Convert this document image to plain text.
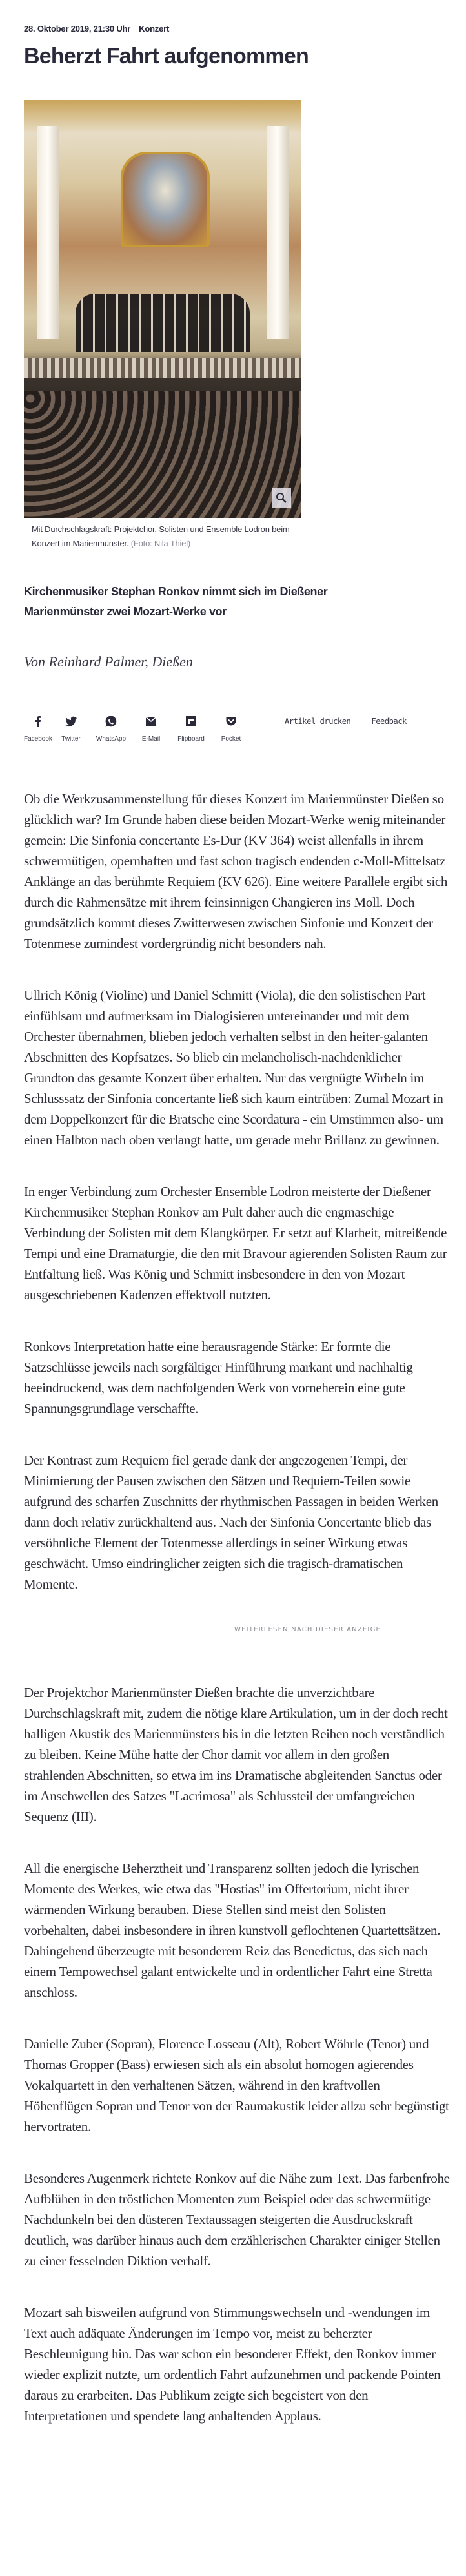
28. Oktober 2019, 21:30 Uhr Konzert
Beherzt Fahrt aufgenommen
Mit Durchschlagskraft: Projektchor, Solisten und Ensemble Lodron beim Konzert im Marienmünster. (Foto: Nila Thiel)
Kirchenmusiker Stephan Ronkov nimmt sich im Dießener Marienmünster zwei Mozart-Werke vor
Von Reinhard Palmer, Dießen
Facebook Twitter WhatsApp E-Mail	Flipboard	Pocket
Artikel drucken	Feedback

Ob die Werkzusammenstellung für dieses Konzert im Marienmünster Dießen so glücklich war? Im Grunde haben diese beiden Mozart-Werke wenig miteinander gemein: Die Sinfonia concertante Es-Dur (KV 364) weist allenfalls in ihrem schwermütigen, opernhaften und fast schon tragisch endenden c-Moll-Mittelsatz Anklänge an das berühmte Requiem (KV 626). Eine weitere Parallele ergibt sich durch die Rahmensätze mit ihrem feinsinnigen Changieren ins Moll. Doch grundsätzlich kommt dieses Zwitterwesen zwischen Sinfonie und Konzert der Totenmese zumindest vordergründig nicht besonders nah.

Ullrich König (Violine) und Daniel Schmitt (Viola), die den solistischen Part einfühlsam und aufmerksam im Dialogisieren untereinander und mit dem Orchester übernahmen, blieben jedoch verhalten selbst in den heiter-galanten Abschnitten des Kopfsatzes. So blieb ein melancholisch-nachdenklicher Grundton das gesamte Konzert über erhalten. Nur das vergnügte Wirbeln im Schlusssatz der Sinfonia concertante ließ sich kaum eintrüben: Zumal Mozart in dem Doppelkonzert für die Bratsche eine Scordatura - ein Umstimmen also- um einen Halbton nach oben verlangt hatte, um gerade mehr Brillanz zu gewinnen.

In enger Verbindung zum Orchester Ensemble Lodron meisterte der Dießener Kirchenmusiker Stephan Ronkov am Pult daher auch die engmaschige Verbindung der Solisten mit dem Klangkörper. Er setzt auf Klarheit, mitreißende Tempi und eine Dramaturgie, die den mit Bravour agierenden Solisten Raum zur Entfaltung ließ. Was König und Schmitt insbesondere in den von Mozart ausgeschriebenen Kadenzen effektvoll nutzten.

Ronkovs Interpretation hatte eine herausragende Stärke: Er formte die Satzschlüsse jeweils nach sorgfältiger Hinführung markant und nachhaltig beeindruckend, was dem nachfolgenden Werk von vorneherein eine gute Spannungsgrundlage verschaffte.

Der Kontrast zum Requiem fiel gerade dank der angezogenen Tempi, der Minimierung der Pausen zwischen den Sätzen und Requiem-Teilen sowie aufgrund des scharfen Zuschnitts der rhythmischen Passagen in beiden Werken dann doch relativ zurückhaltend aus. Nach der Sinfonia Concertante blieb das versöhnliche Element der Totenmesse allerdings in seiner Wirkung etwas geschwächt. Umso eindringlicher zeigten sich die tragisch-dramatischen Momente.

WEITERLESEN NACH DIESER ANZEIGE

Der Projektchor Marienmünster Dießen brachte die unverzichtbare Durchschlagskraft mit, zudem die nötige klare Artikulation, um in der doch recht halligen Akustik des Marienmünsters bis in die letzten Reihen noch verständlich zu bleiben. Keine Mühe hatte der Chor damit vor allem in den großen strahlenden Abschnitten, so etwa im ins Dramatische abgleitenden Sanctus oder im Anschwellen des Satzes "Lacrimosa" als Schlussteil der umfangreichen Sequenz (III).

All die energische Beherztheit und Transparenz sollten jedoch die lyrischen Momente des Werkes, wie etwa das "Hostias" im Offertorium, nicht ihrer wärmenden Wirkung berauben. Diese Stellen sind meist den Solisten vorbehalten, dabei insbesondere in ihren kunstvoll geflochtenen Quartettsätzen. Dahingehend überzeugte mit besonderem Reiz das Benedictus, das sich nach einem Tempowechsel galant entwickelte und in ordentlicher Fahrt eine Stretta anschloss.

Danielle Zuber (Sopran), Florence Losseau (Alt), Robert Wöhrle (Tenor) und Thomas Gropper (Bass) erwiesen sich als ein absolut homogen agierendes Vokalquartett in den verhaltenen Sätzen, während in den kraftvollen Höhenflügen Sopran und Tenor von der Raumakustik leider allzu sehr begünstigt hervortraten.

Besonderes Augenmerk richtete Ronkov auf die Nähe zum Text. Das farbenfrohe Aufblühen in den tröstlichen Momenten zum Beispiel oder das schwermütige Nachdunkeln bei den düsteren Textaussagen steigerten die Ausdruckskraft deutlich, was darüber hinaus auch dem erzählerischen Charakter einiger Stellen zu einer fesselnden Diktion verhalf.

Mozart sah bisweilen aufgrund von Stimmungswechseln und -wendungen im Text auch adäquate Änderungen im Tempo vor, meist zu beherzter Beschleunigung hin. Das war schon ein besonderer Effekt, den Ronkov immer wieder explizit nutzte, um ordentlich Fahrt aufzunehmen und packende Pointen daraus zu erarbeiten. Das Publikum zeigte sich begeistert von den Interpretationen und spendete lang anhaltenden Applaus.
